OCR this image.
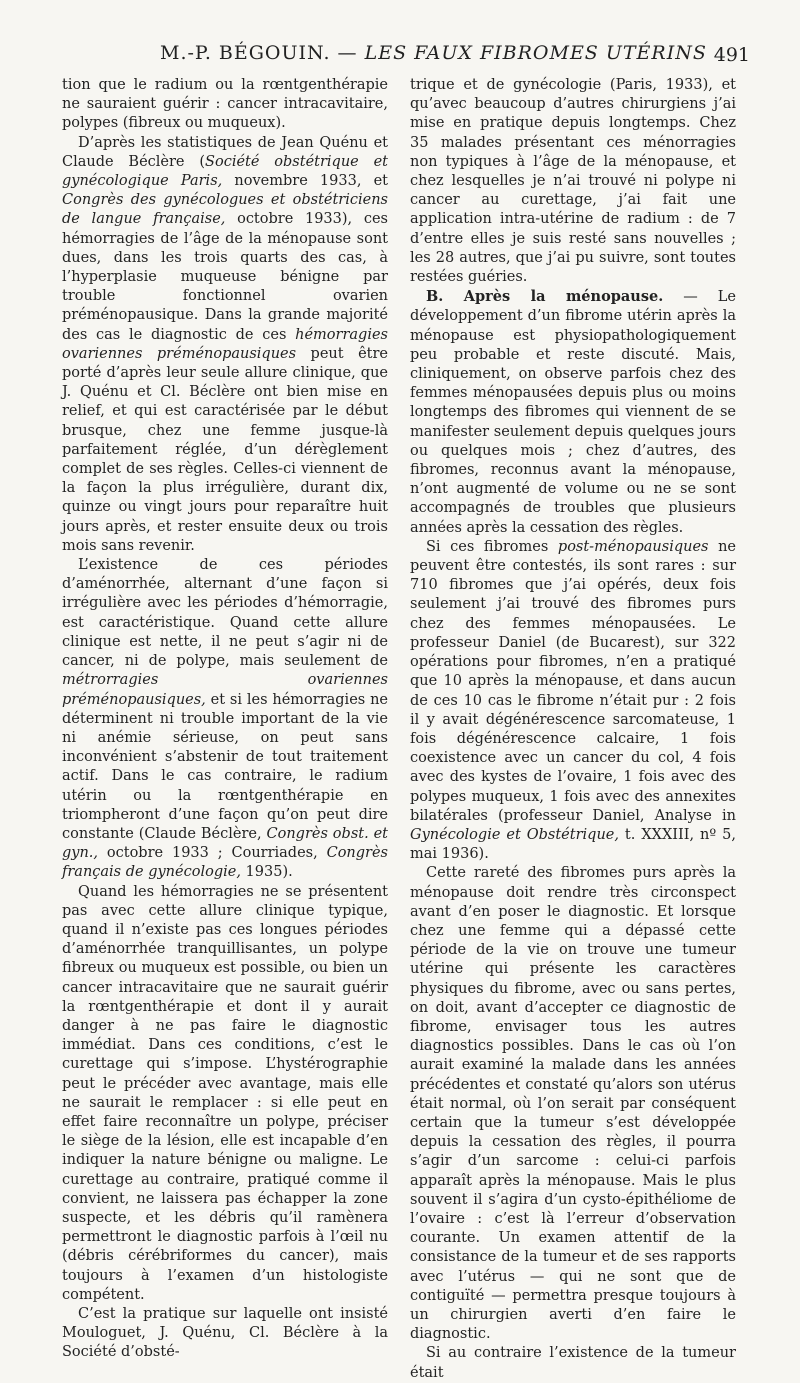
M.-P. BÉGOUIN. — LES FAUX FIBROMES UTÉRINS 491

tion que le radium ou la rœntgenthérapie ne sauraient guérir : cancer intracavitaire, polypes (fibreux ou muqueux).

D’après les statistiques de Jean Quénu et Claude Béclère (Société obstétrique et gynécologique Paris, novembre 1933, et Congrès des gynécologues et obstétriciens de langue française, octobre 1933), ces hémorragies de l’âge de la ménopause sont dues, dans les trois quarts des cas, à l’hyperplasie muqueuse bénigne par trouble fonctionnel ovarien préménopausique. Dans la grande majorité des cas le diagnostic de ces hémorragies ovariennes préménopausiques peut être porté d’après leur seule allure clinique, que J. Quénu et Cl. Béclère ont bien mise en relief, et qui est caractérisée par le début brusque, chez une femme jusque-là parfaitement réglée, d’un dérèglement complet de ses règles. Celles-ci viennent de la façon la plus irrégulière, durant dix, quinze ou vingt jours pour reparaître huit jours après, et rester ensuite deux ou trois mois sans revenir.

L’existence de ces périodes d’aménorrhée, alternant d’une façon si irrégulière avec les périodes d’hémorragie, est caractéristique. Quand cette allure clinique est nette, il ne peut s’agir ni de cancer, ni de polype, mais seulement de métrorragies ovariennes préménopausiques, et si les hémorragies ne déterminent ni trouble important de la vie ni anémie sérieuse, on peut sans inconvénient s’abstenir de tout traitement actif. Dans le cas contraire, le radium utérin ou la rœntgenthérapie en triompheront d’une façon qu’on peut dire constante (Claude Béclère, Congrès obst. et gyn., octobre 1933 ; Courriades, Congrès français de gynécologie, 1935).

Quand les hémorragies ne se présentent pas avec cette allure clinique typique, quand il n’existe pas ces longues périodes d’aménorrhée tranquillisantes, un polype fibreux ou muqueux est possible, ou bien un cancer intracavitaire que ne saurait guérir la rœntgenthérapie et dont il y aurait danger à ne pas faire le diagnostic immédiat. Dans ces conditions, c’est le curettage qui s’impose. L’hystérographie peut le précéder avec avantage, mais elle ne saurait le remplacer : si elle peut en effet faire reconnaître un polype, préciser le siège de la lésion, elle est incapable d’en indiquer la nature bénigne ou maligne. Le curettage au contraire, pratiqué comme il convient, ne laissera pas échapper la zone suspecte, et les débris qu’il ramènera permettront le diagnostic parfois à l’œil nu (débris cérébriformes du cancer), mais toujours à l’examen d’un histologiste compétent.

C’est la pratique sur laquelle ont insisté Mouloguet, J. Quénu, Cl. Béclère à la Société d’obsté-

trique et de gynécologie (Paris, 1933), et qu’avec beaucoup d’autres chirurgiens j’ai mise en pratique depuis longtemps. Chez 35 malades présentant ces ménorragies non typiques à l’âge de la ménopause, et chez lesquelles je n’ai trouvé ni polype ni cancer au curettage, j’ai fait une application intra-utérine de radium : de 7 d’entre elles je suis resté sans nouvelles ; les 28 autres, que j’ai pu suivre, sont toutes restées guéries.

B. Après la ménopause. — Le développement d’un fibrome utérin après la ménopause est physiopathologiquement peu probable et reste discuté. Mais, cliniquement, on observe parfois chez des femmes ménopausées depuis plus ou moins longtemps des fibromes qui viennent de se manifester seulement depuis quelques jours ou quelques mois ; chez d’autres, des fibromes, reconnus avant la ménopause, n’ont augmenté de volume ou ne se sont accompagnés de troubles que plusieurs années après la cessation des règles.

Si ces fibromes post-ménopausiques ne peuvent être contestés, ils sont rares : sur 710 fibromes que j’ai opérés, deux fois seulement j’ai trouvé des fibromes purs chez des femmes ménopausées. Le professeur Daniel (de Bucarest), sur 322 opérations pour fibromes, n’en a pratiqué que 10 après la ménopause, et dans aucun de ces 10 cas le fibrome n’était pur : 2 fois il y avait dégénérescence sarcomateuse, 1 fois dégénérescence calcaire, 1 fois coexistence avec un cancer du col, 4 fois avec des kystes de l’ovaire, 1 fois avec des polypes muqueux, 1 fois avec des annexites bilatérales (professeur Daniel, Analyse in Gynécologie et Obstétrique, t. XXXIII, nº 5, mai 1936).

Cette rareté des fibromes purs après la ménopause doit rendre très circonspect avant d’en poser le diagnostic. Et lorsque chez une femme qui a dépassé cette période de la vie on trouve une tumeur utérine qui présente les caractères physiques du fibrome, avec ou sans pertes, on doit, avant d’accepter ce diagnostic de fibrome, envisager tous les autres diagnostics possibles. Dans le cas où l’on aurait examiné la malade dans les années précédentes et constaté qu’alors son utérus était normal, où l’on serait par conséquent certain que la tumeur s’est développée depuis la cessation des règles, il pourra s’agir d’un sarcome : celui-ci parfois apparaît après la ménopause. Mais le plus souvent il s’agira d’un cysto-épithéliome de l’ovaire : c’est là l’erreur d’observation courante. Un examen attentif de la consistance de la tumeur et de ses rapports avec l’utérus — qui ne sont que de contiguïté — permettra presque toujours à un chirurgien averti d’en faire le diagnostic.

Si au contraire l’existence de la tumeur était
